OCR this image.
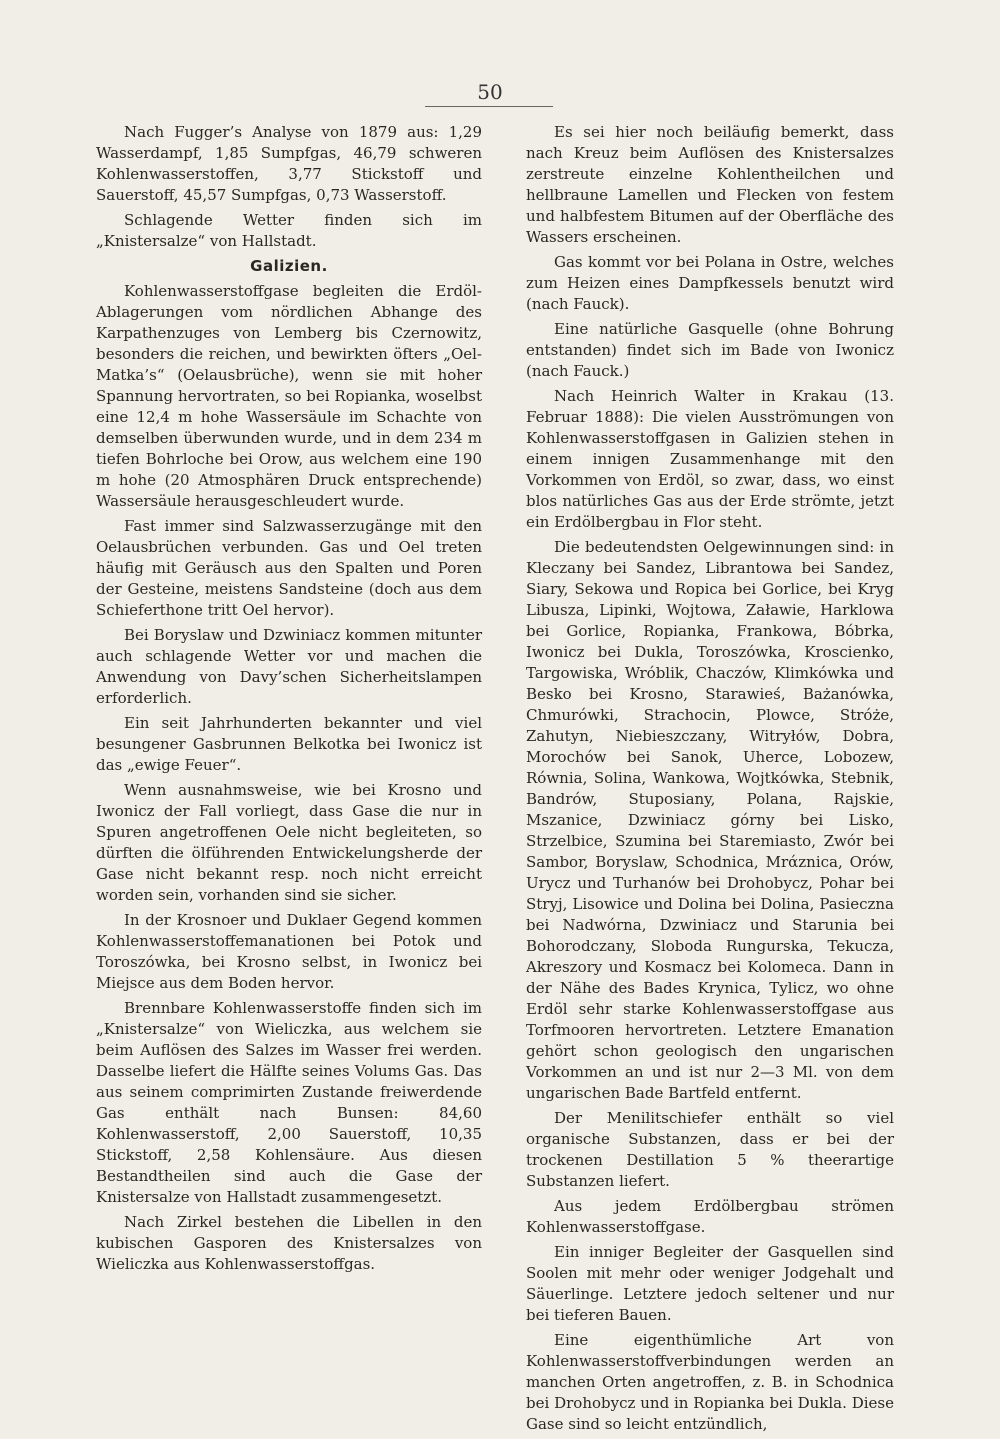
50

Nach Fugger’s Analyse von 1879 aus: 1,29 Wasserdampf, 1,85 Sumpfgas, 46,79 schweren Kohlenwasserstoffen, 3,77 Stickstoff und Sauerstoff, 45,57 Sumpfgas, 0,73 Wasserstoff.

Schlagende Wetter finden sich im „Knistersalze“ von Hallstadt.

Galizien.

Kohlenwasserstoffgase begleiten die Erdöl-Ablagerungen vom nördlichen Abhange des Karpathenzuges von Lemberg bis Czernowitz, besonders die reichen, und bewirkten öfters „Oel-Matka’s“ (Oelausbrüche), wenn sie mit hoher Spannung hervortraten, so bei Ropianka, woselbst eine 12,4 m hohe Wassersäule im Schachte von demselben überwunden wurde, und in dem 234 m tiefen Bohrloche bei Orow, aus welchem eine 190 m hohe (20 Atmosphären Druck entsprechende) Wassersäule herausgeschleudert wurde.

Fast immer sind Salzwasserzugänge mit den Oelausbrüchen verbunden. Gas und Oel treten häufig mit Geräusch aus den Spalten und Poren der Gesteine, meistens Sandsteine (doch aus dem Schieferthone tritt Oel hervor).

Bei Boryslaw und Dzwiniacz kommen mitunter auch schlagende Wetter vor und machen die Anwendung von Davy’schen Sicherheitslampen erforderlich.

Ein seit Jahrhunderten bekannter und viel besungener Gasbrunnen Belkotka bei Iwonicz ist das „ewige Feuer“.

Wenn ausnahmsweise, wie bei Krosno und Iwonicz der Fall vorliegt, dass Gase die nur in Spuren angetroffenen Oele nicht begleiteten, so dürften die ölführenden Entwickelungsherde der Gase nicht bekannt resp. noch nicht erreicht worden sein, vorhanden sind sie sicher.

In der Krosnoer und Duklaer Gegend kommen Kohlenwasserstoffemanationen bei Potok und Toroszówka, bei Krosno selbst, in Iwonicz bei Miejsce aus dem Boden hervor.

Brennbare Kohlenwasserstoffe finden sich im „Knistersalze“ von Wieliczka, aus welchem sie beim Auflösen des Salzes im Wasser frei werden. Dasselbe liefert die Hälfte seines Volums Gas. Das aus seinem comprimirten Zustande freiwerdende Gas enthält nach Bunsen: 84,60 Kohlenwasserstoff, 2,00 Sauerstoff, 10,35 Stickstoff, 2,58 Kohlensäure. Aus diesen Bestandtheilen sind auch die Gase der Knistersalze von Hallstadt zusammengesetzt.

Nach Zirkel bestehen die Libellen in den kubischen Gasporen des Knistersalzes von Wieliczka aus Kohlenwasserstoffgas.

Es sei hier noch beiläufig bemerkt, dass nach Kreuz beim Auflösen des Knistersalzes zerstreute einzelne Kohlentheilchen und hellbraune Lamellen und Flecken von festem und halbfestem Bitumen auf der Oberfläche des Wassers erscheinen.

Gas kommt vor bei Polana in Ostre, welches zum Heizen eines Dampfkessels benutzt wird (nach Fauck).

Eine natürliche Gasquelle (ohne Bohrung entstanden) findet sich im Bade von Iwonicz (nach Fauck.)

Nach Heinrich Walter in Krakau (13. Februar 1888): Die vielen Ausströmungen von Kohlenwasserstoffgasen in Galizien stehen in einem innigen Zusammenhange mit den Vorkommen von Erdöl, so zwar, dass, wo einst blos natürliches Gas aus der Erde strömte, jetzt ein Erdölbergbau in Flor steht.

Die bedeutendsten Oelgewinnungen sind: in Kleczany bei Sandez, Librantowa bei Sandez, Siary, Sekowa und Ropica bei Gorlice, bei Kryg Libusza, Lipinki, Wojtowa, Załawie, Harklowa bei Gorlice, Ropianka, Frankowa, Bóbrka, Iwonicz bei Dukla, Toroszówka, Kroscienko, Targowiska, Wróblik, Chaczów, Klimkówka und Besko bei Krosno, Starawieś, Bażanówka, Chmurówki, Strachocin, Plowce, Stróże, Zahutyn, Niebieszczany, Witryłów, Dobra, Morochów bei Sanok, Uherce, Lobozew, Równia, Solina, Wankowa, Wojtkówka, Stebnik, Bandrów, Stuposiany, Polana, Rajskie, Mszanice, Dzwiniacz górny bei Lisko, Strzelbice, Szumina bei Staremiasto, Zwór bei Sambor, Boryslaw, Schodnica, Mrάznica, Orów, Urycz und Turhanów bei Drohobycz, Pohar bei Stryj, Lisowice und Dolina bei Dolina, Pasieczna bei Nadwórna, Dzwiniacz und Starunia bei Bohorodczany, Sloboda Rungurska, Tekucza, Akreszory und Kosmacz bei Kolomeca. Dann in der Nähe des Bades Krynica, Tylicz, wo ohne Erdöl sehr starke Kohlenwasserstoffgase aus Torfmooren hervortreten. Letztere Emanation gehört schon geologisch den ungarischen Vorkommen an und ist nur 2—3 Ml. von dem ungarischen Bade Bartfeld entfernt.

Der Menilitschiefer enthält so viel organische Substanzen, dass er bei der trockenen Destillation 5 % theerartige Substanzen liefert.

Aus jedem Erdölbergbau strömen Kohlenwasserstoffgase.

Ein inniger Begleiter der Gasquellen sind Soolen mit mehr oder weniger Jodgehalt und Säuerlinge. Letztere jedoch seltener und nur bei tieferen Bauen.

Eine eigenthümliche Art von Kohlenwasserstoffverbindungen werden an manchen Orten angetroffen, z. B. in Schodnica bei Drohobycz und in Ropianka bei Dukla. Diese Gase sind so leicht entzündlich,
